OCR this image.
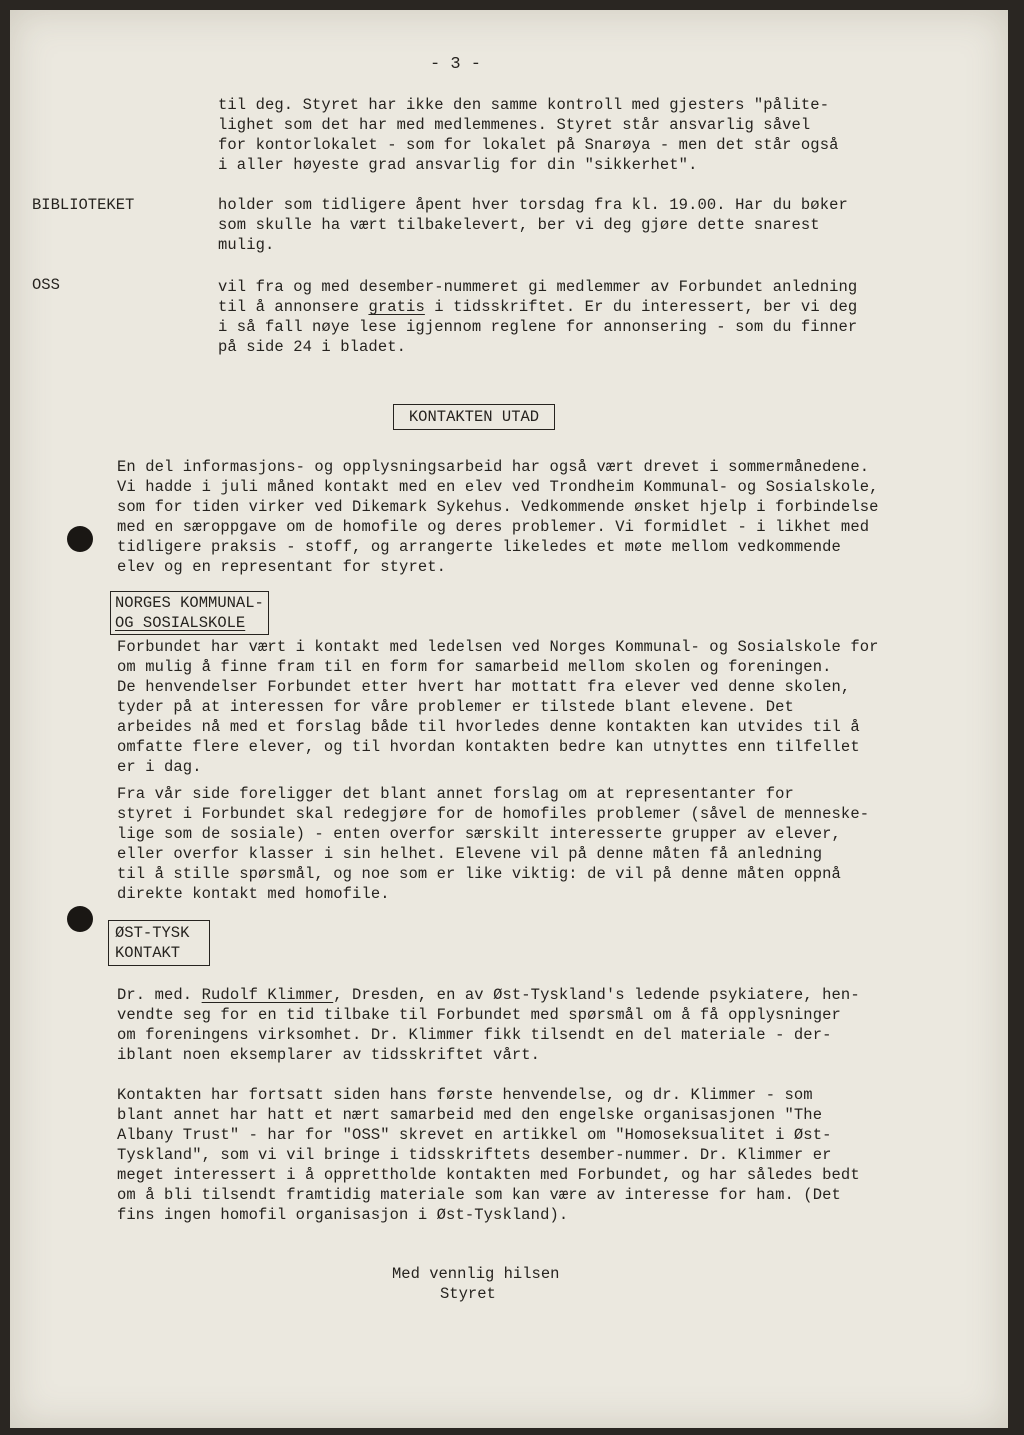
- 3 -
til deg. Styret har ikke den samme kontroll med gjesters "pålite-
lighet som det har med medlemmenes. Styret står ansvarlig såvel
for kontorlokalet - som for lokalet på Snarøya - men det står også
i aller høyeste grad ansvarlig for din "sikkerhet".
BIBLIOTEKET	holder som tidligere åpent hver torsdag fra kl. 19.00. Har du bøker
som skulle ha vært tilbakelevert, ber vi deg gjøre dette snarest
mulig.
OSS	vil fra og med desember-nummeret gi medlemmer av Forbundet anledning
til å annonsere gratis i tidsskriftet. Er du interessert, ber vi deg
i så fall nøye lese igjennom reglene for annonsering - som du finner
på side 24 i bladet.
KONTAKTEN UTAD
En del informasjons- og opplysningsarbeid har også vært drevet i sommermånedene.
Vi hadde i juli måned kontakt med en elev ved Trondheim Kommunal- og Sosialskole,
som for tiden virker ved Dikemark Sykehus. Vedkommende ønsket hjelp i forbindelse
med en særoppgave om de homofile og deres problemer. Vi formidlet - i likhet med
tidligere praksis - stoff, og arrangerte likeledes et møte mellom vedkommende
elev og en representant for styret.
NORGES KOMMUNAL-
OG SOSIALSKOLE
Forbundet har vært i kontakt med ledelsen ved Norges Kommunal- og Sosialskole for
om mulig å finne fram til en form for samarbeid mellom skolen og foreningen.
De henvendelser Forbundet etter hvert har mottatt fra elever ved denne skolen,
tyder på at interessen for våre problemer er tilstede blant elevene. Det
arbeides nå med et forslag både til hvorledes denne kontakten kan utvides til å
omfatte flere elever, og til hvordan kontakten bedre kan utnyttes enn tilfellet
er i dag.
Fra vår side foreligger det blant annet forslag om at representanter for
styret i Forbundet skal redegjøre for de homofiles problemer (såvel de menneske-
lige som de sosiale) - enten overfor særskilt interesserte grupper av elever,
eller overfor klasser i sin helhet. Elevene vil på denne måten få anledning
til å stille spørsmål, og noe som er like viktig: de vil på denne måten oppnå
direkte kontakt med homofile.
ØST-TYSK
KONTAKT
Dr. med. Rudolf Klimmer, Dresden, en av Øst-Tyskland's ledende psykiatere, hen-
vendte seg for en tid tilbake til Forbundet med spørsmål om å få opplysninger
om foreningens virksomhet. Dr. Klimmer fikk tilsendt en del materiale - der-
iblant noen eksemplarer av tidsskriftet vårt.
Kontakten har fortsatt siden hans første henvendelse, og dr. Klimmer - som
blant annet har hatt et nært samarbeid med den engelske organisasjonen "The
Albany Trust" - har for "OSS" skrevet en artikkel om "Homoseksualitet i Øst-
Tyskland", som vi vil bringe i tidsskriftets desember-nummer. Dr. Klimmer er
meget interessert i å opprettholde kontakten med Forbundet, og har således bedt
om å bli tilsendt framtidig materiale som kan være av interesse for ham. (Det
fins ingen homofil organisasjon i Øst-Tyskland).
Med vennlig hilsen
Styret
